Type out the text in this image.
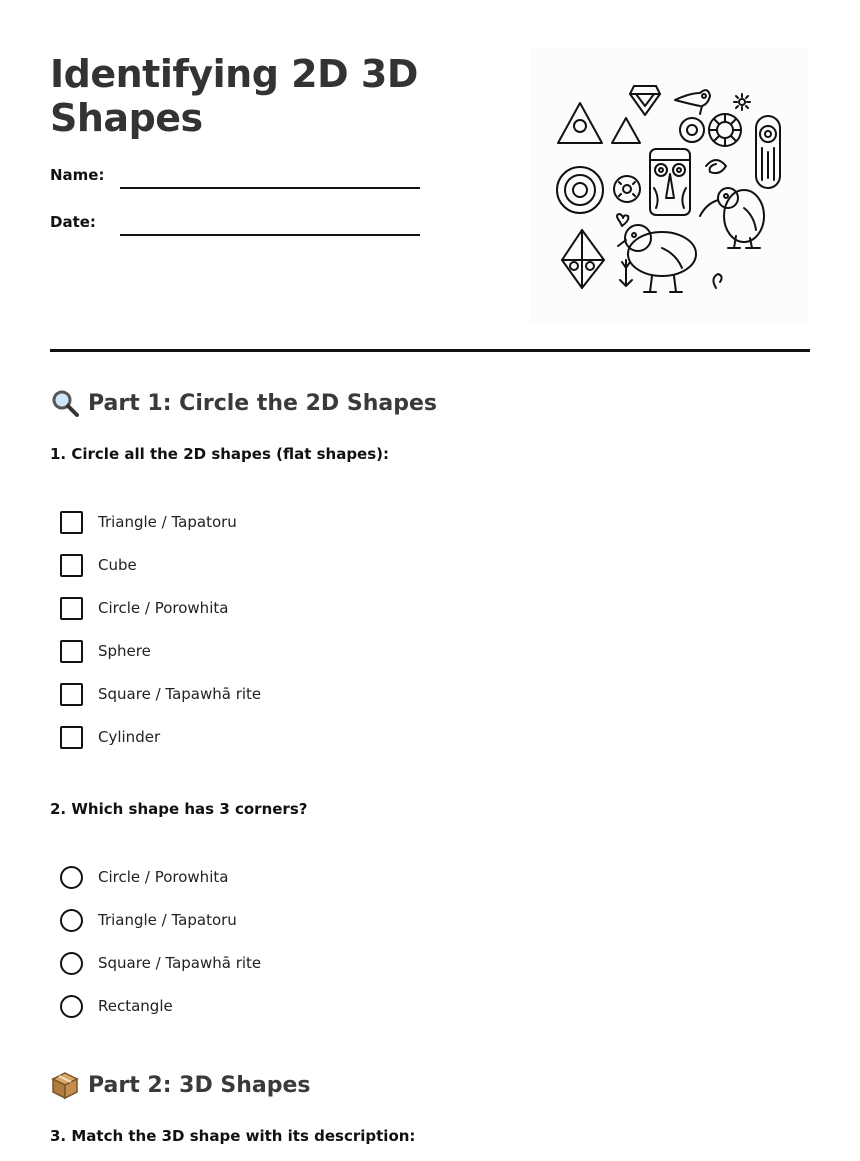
Identifying 2D 3D Shapes
Name:
Date:
Part 1: Circle the 2D Shapes
1. Circle all the 2D shapes (flat shapes):
Triangle / Tapatoru
Cube
Circle / Porowhita
Sphere
Square / Tapawhā rite
Cylinder
2. Which shape has 3 corners?
Circle / Porowhita
Triangle / Tapatoru
Square / Tapawhā rite
Rectangle
Part 2: 3D Shapes
3. Match the 3D shape with its description:
